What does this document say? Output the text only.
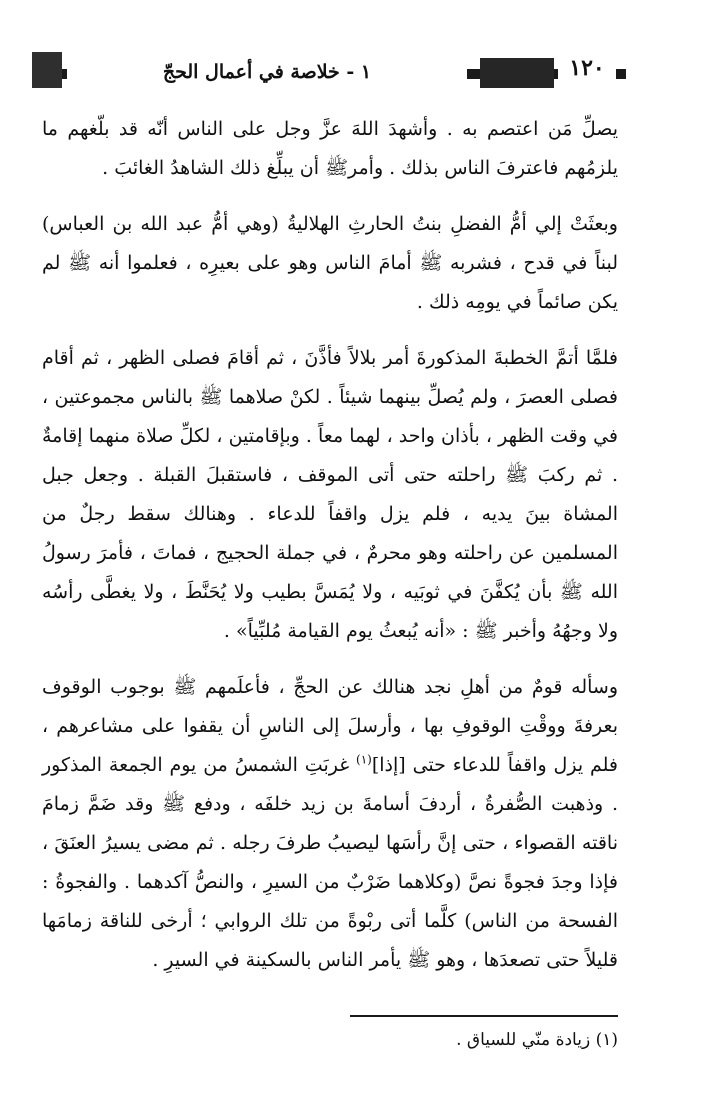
١ - خلاصة في أعمال الحجّ	١٢٠

يصلِّ مَن اعتصم به . وأشهدَ اللهَ عزَّ وجل على الناس أنّه قد بلّغهم ما يلزمُهم فاعترفَ الناس بذلك . وأمرﷺ أن يبلِّغ ذلك الشاهدُ الغائبَ .

وبعثَتْ إلي أمُّ الفضلِ بنتُ الحارثِ الهلاليةُ (وهي أمُّ عبد الله بن العباس) لبناً في قدح ، فشربه ﷺ أمامَ الناس وهو على بعيرِه ، فعلموا أنه ﷺ لم يكن صائماً في يومِه ذلك .

فلمَّا أتمَّ الخطبةَ المذكورةَ أمر بلالاً فأذَّنَ ، ثم أقامَ فصلى الظهر ، ثم أقام فصلى العصرَ ، ولم يُصلِّ بينهما شيئاً . لكنْ صلاهما ﷺ بالناس مجموعتين ، في وقت الظهر ، بأذان واحد ، لهما معاً . وبإقامتين ، لكلِّ صلاة منهما إقامةٌ . ثم ركبَ ﷺ راحلته حتى أتى الموقف ، فاستقبلَ القبلة . وجعل جبل المشاة بينَ يديه ، فلم يزل واقفاً للدعاء . وهنالك سقط رجلٌ من المسلمين عن راحلته وهو محرمٌ ، في جملة الحجيج ، فماتَ ، فأمرَ رسولُ الله ﷺ بأن يُكفَّنَ في ثوبَيه ، ولا يُمَسَّ بطيب ولا يُحَنَّطَ ، ولا يغطَّى رأسُه ولا وجهُهُ وأخبر ﷺ : «أنه يُبعثُ يوم القيامة مُلبِّياً» .

وسأله قومٌ من أهلِ نجد هنالك عن الحجِّ ، فأعلَمهم ﷺ بوجوب الوقوف بعرفةَ ووقْتِ الوقوفِ بها ، وأرسلَ إلى الناسِ أن يقفوا على مشاعرهم ، فلم يزل واقفاً للدعاء حتى [إذا]$^{(١)}$ غربَتِ الشمسُ من يوم الجمعة المذكور . وذهبت الصُّفرةُ ، أردفَ أسامةَ بن زيد خلفَه ، ودفع ﷺ وقد ضَمَّ زمامَ ناقته القصواء ، حتى إنَّ رأسَها ليصيبُ طرفَ رجله . ثم مضى يسيرُ العنَقَ ، فإذا وجدَ فجوةً نصَّ (وكلاهما ضَرْبٌ من السيرِ ، والنصُّ آكدهما . والفجوةُ : الفسحة من الناس) كلَّما أتى ربْوةً من تلك الروابي ؛ أرخى للناقة زمامَها قليلاً حتى تصعدَها ، وهو ﷺ يأمر الناس بالسكينة في السيرِ .

(١) زيادة منّي للسياق .
